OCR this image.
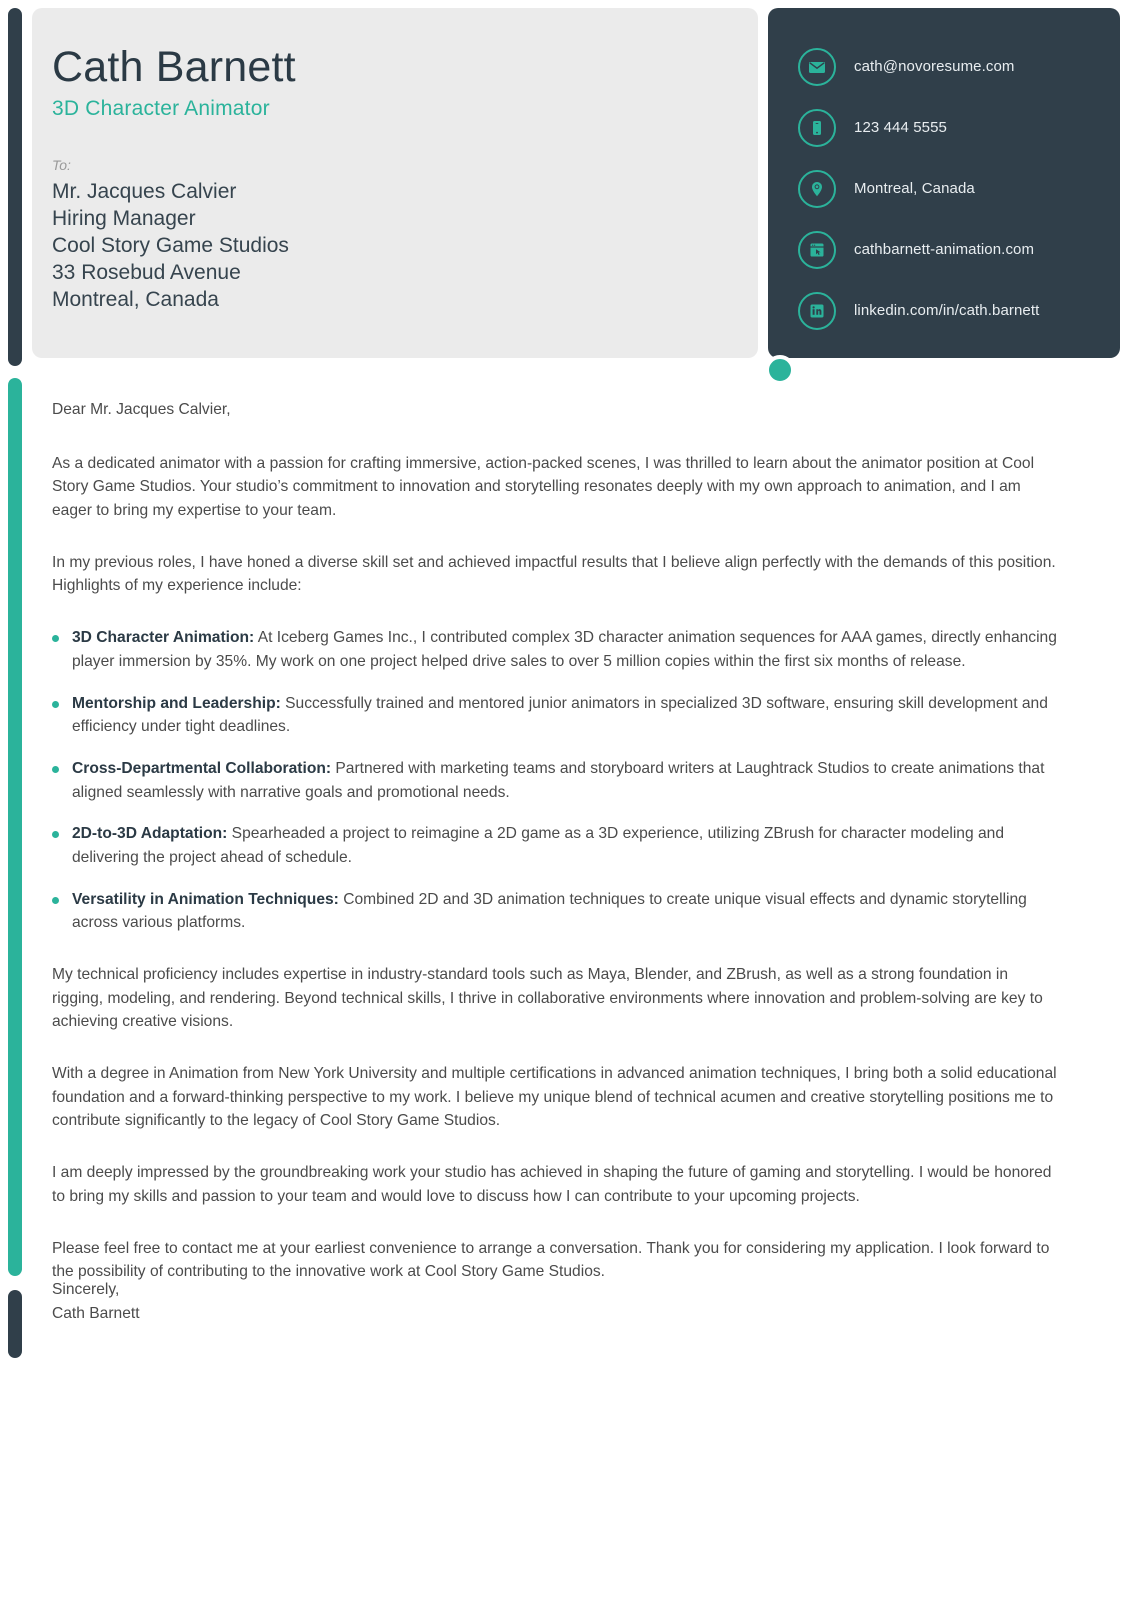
Cath Barnett
3D Character Animator
To:
Mr. Jacques Calvier
Hiring Manager
Cool Story Game Studios
33 Rosebud Avenue
Montreal, Canada
cath@novoresume.com
123 444 5555
Montreal, Canada
cathbarnett-animation.com
linkedin.com/in/cath.barnett
Dear Mr. Jacques Calvier,
As a dedicated animator with a passion for crafting immersive, action-packed scenes, I was thrilled to learn about the animator position at Cool Story Game Studios. Your studio’s commitment to innovation and storytelling resonates deeply with my own approach to animation, and I am eager to bring my expertise to your team.
In my previous roles, I have honed a diverse skill set and achieved impactful results that I believe align perfectly with the demands of this position. Highlights of my experience include:
3D Character Animation: At Iceberg Games Inc., I contributed complex 3D character animation sequences for AAA games, directly enhancing player immersion by 35%. My work on one project helped drive sales to over 5 million copies within the first six months of release.
Mentorship and Leadership: Successfully trained and mentored junior animators in specialized 3D software, ensuring skill development and efficiency under tight deadlines.
Cross-Departmental Collaboration: Partnered with marketing teams and storyboard writers at Laughtrack Studios to create animations that aligned seamlessly with narrative goals and promotional needs.
2D-to-3D Adaptation: Spearheaded a project to reimagine a 2D game as a 3D experience, utilizing ZBrush for character modeling and delivering the project ahead of schedule.
Versatility in Animation Techniques: Combined 2D and 3D animation techniques to create unique visual effects and dynamic storytelling across various platforms.
My technical proficiency includes expertise in industry-standard tools such as Maya, Blender, and ZBrush, as well as a strong foundation in rigging, modeling, and rendering. Beyond technical skills, I thrive in collaborative environments where innovation and problem-solving are key to achieving creative visions.
With a degree in Animation from New York University and multiple certifications in advanced animation techniques, I bring both a solid educational foundation and a forward-thinking perspective to my work. I believe my unique blend of technical acumen and creative storytelling positions me to contribute significantly to the legacy of Cool Story Game Studios.
I am deeply impressed by the groundbreaking work your studio has achieved in shaping the future of gaming and storytelling. I would be honored to bring my skills and passion to your team and would love to discuss how I can contribute to your upcoming projects.
Please feel free to contact me at your earliest convenience to arrange a conversation. Thank you for considering my application. I look forward to the possibility of contributing to the innovative work at Cool Story Game Studios.
Sincerely,
Cath Barnett
